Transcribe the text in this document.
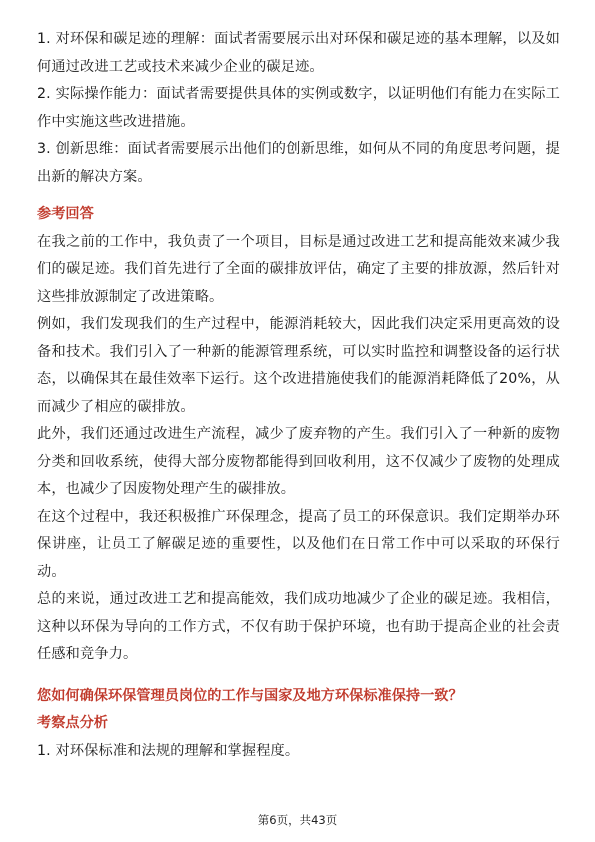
1. 对环保和碳足迹的理解：面试者需要展示出对环保和碳足迹的基本理解，以及如何通过改进工艺或技术来减少企业的碳足迹。

2. 实际操作能力：面试者需要提供具体的实例或数字，以证明他们有能力在实际工作中实施这些改进措施。

3. 创新思维：面试者需要展示出他们的创新思维，如何从不同的角度思考问题，提出新的解决方案。

参考回答

在我之前的工作中，我负责了一个项目，目标是通过改进工艺和提高能效来减少我们的碳足迹。我们首先进行了全面的碳排放评估，确定了主要的排放源，然后针对这些排放源制定了改进策略。

例如，我们发现我们的生产过程中，能源消耗较大，因此我们决定采用更高效的设备和技术。我们引入了一种新的能源管理系统，可以实时监控和调整设备的运行状态，以确保其在最佳效率下运行。这个改进措施使我们的能源消耗降低了20%，从而减少了相应的碳排放。

此外，我们还通过改进生产流程，减少了废弃物的产生。我们引入了一种新的废物分类和回收系统，使得大部分废物都能得到回收利用，这不仅减少了废物的处理成本，也减少了因废物处理产生的碳排放。

在这个过程中，我还积极推广环保理念，提高了员工的环保意识。我们定期举办环保讲座，让员工了解碳足迹的重要性，以及他们在日常工作中可以采取的环保行动。

总的来说，通过改进工艺和提高能效，我们成功地减少了企业的碳足迹。我相信，这种以环保为导向的工作方式，不仅有助于保护环境，也有助于提高企业的社会责任感和竞争力。

您如何确保环保管理员岗位的工作与国家及地方环保标准保持一致？

考察点分析

1. 对环保标准和法规的理解和掌握程度。

第6页，共43页
